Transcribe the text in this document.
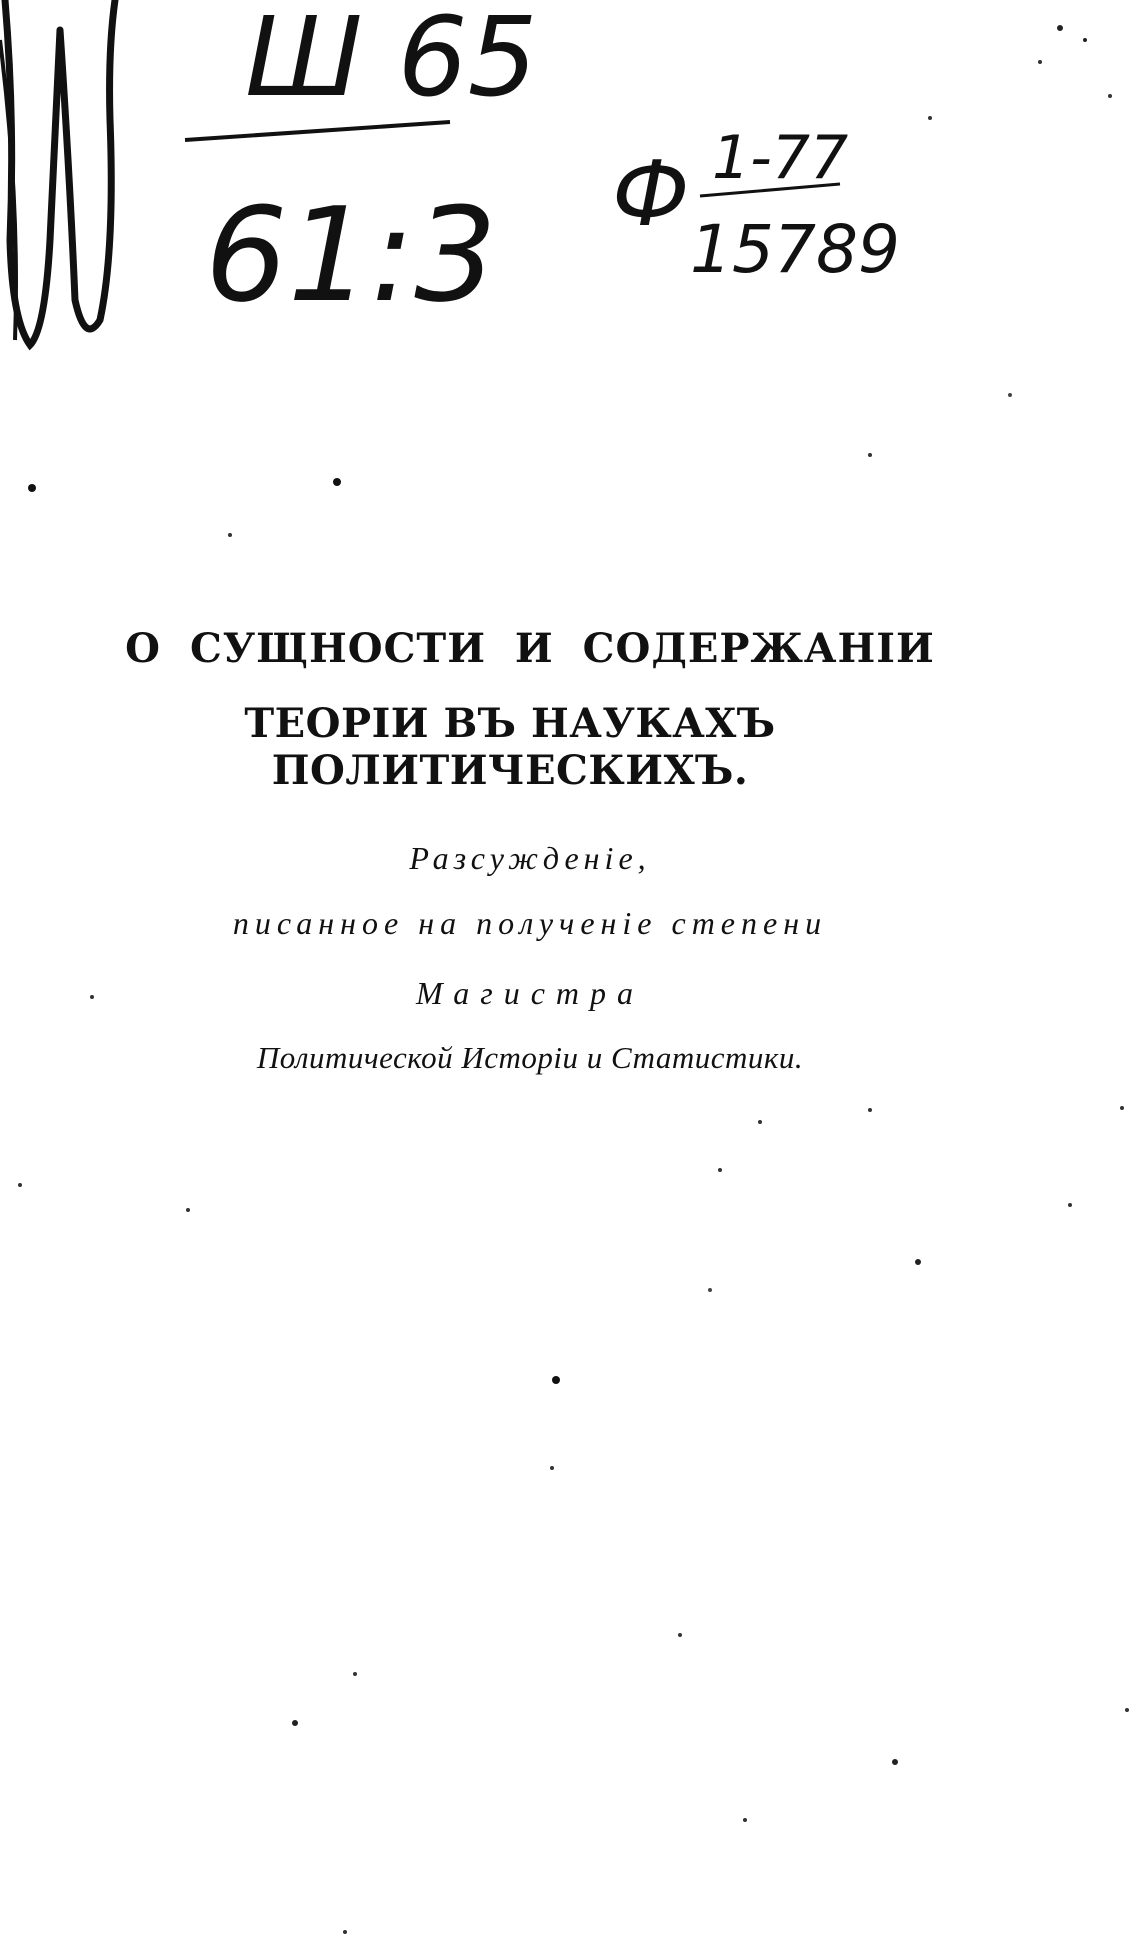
Ш 65
61:3 Ф 1-77
15789
О СУЩНОСТИ И СОДЕРЖАНІИ
ТЕОРІИ ВЪ НАУКАХЪ ПОЛИТИЧЕСКИХЪ.
Разсужденіе,
писанное на полученіе степени
Магистра
Политической Исторіи и Статистики.
